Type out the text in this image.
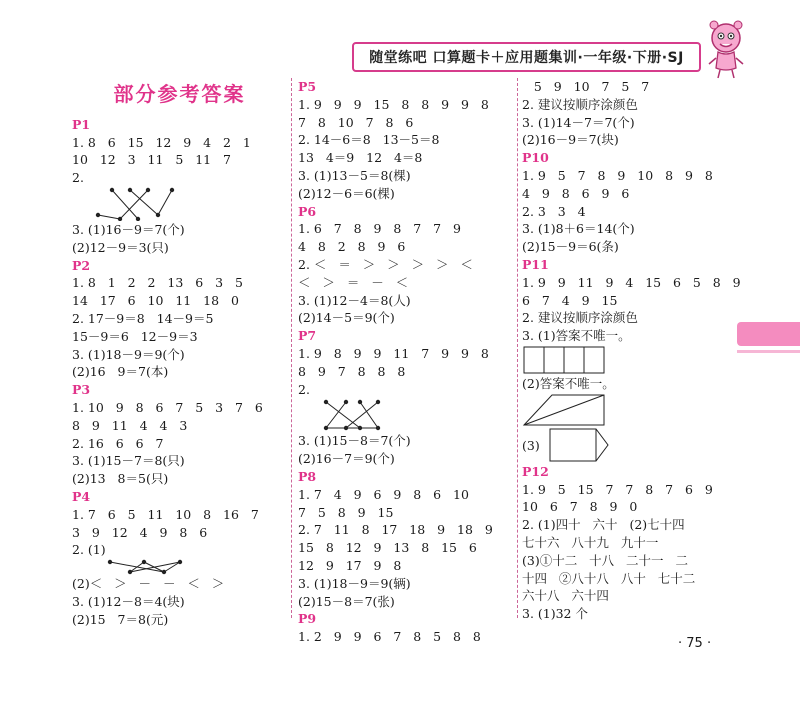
随堂练吧 口算题卡＋应用题集训·一年级·下册·SJ
部分参考答案
P1
1. 8   6   15   12   9   4   2   1
10   12   3   11   5   11   7
2.
3. (1)16－9＝7(个)
(2)12－9＝3(只)
P2
1. 8   1   2   2   13   6   3   5
14   17   6   10   11   18   0
2. 17－9＝8   14－9＝5
15－9＝6   12－9＝3
3. (1)18－9＝9(个)
(2)16   9＝7(本)
P3
1. 10   9   8   6   7   5   3   7   6
8   9   11   4   4   3
2. 16   6   6   7
3. (1)15－7＝8(只)
(2)13   8＝5(只)
P4
1. 7   6   5   11   10   8   16   7
3   9   12   4   9   8   6
2. (1)
(2)＜   ＞   －   －   ＜   ＞
3. (1)12－8＝4(块)
(2)15   7＝8(元)
P5
1. 9   9   9   15   8   8   9   9   8
7   8   10   7   8   6
2. 14－6＝8   13－5＝8
13   4＝9   12   4＝8
3. (1)13－5＝8(棵)
(2)12－6＝6(棵)
P6
1. 6   7   8   9   8   7   7   9
4   8   2   8   9   6
2. ＜   ＝   ＞   ＞   ＞   ＞   ＜
＜   ＞   ＝   －   ＜
3. (1)12－4＝8(人)
(2)14－5＝9(个)
P7
1. 9   8   9   9   11   7   9   9   8
8   9   7   8   8   8
2.
3. (1)15－8＝7(个)
(2)16－7＝9(个)
P8
1. 7   4   9   6   9   8   6   10
7   5   8   9   15
2. 7   11   8   17   18   9   18   9
15   8   12   9   13   8   15   6
12   9   17   9   8
3. (1)18－9＝9(辆)
(2)15－8＝7(张)
P9
1. 2   9   9   6   7   8   5   8   8
5   9   10   7   5   7
2. 建议按顺序涂颜色
3. (1)14－7＝7(个)
(2)16－9＝7(块)
P10
1. 9   5   7   8   9   10   8   9   8
4   9   8   6   9   6
2. 3   3   4
3. (1)8＋6＝14(个)
(2)15－9＝6(条)
P11
1. 9   9   11   9   4   15   6   5   8   9
6   7   4   9   15
2. 建议按顺序涂颜色
3. (1)答案不唯一。
(2)答案不唯一。
(3)
P12
1. 9   5   15   7   7   8   7   6   9
10   6   7   8   9   0
2. (1)四十   六十   (2)七十四
七十六   八十九   九十一
(3)①十二   十八   二十一   二
十四   ②八十八   八十   七十二
六十八   六十四
3. (1)32 个
· 75 ·
